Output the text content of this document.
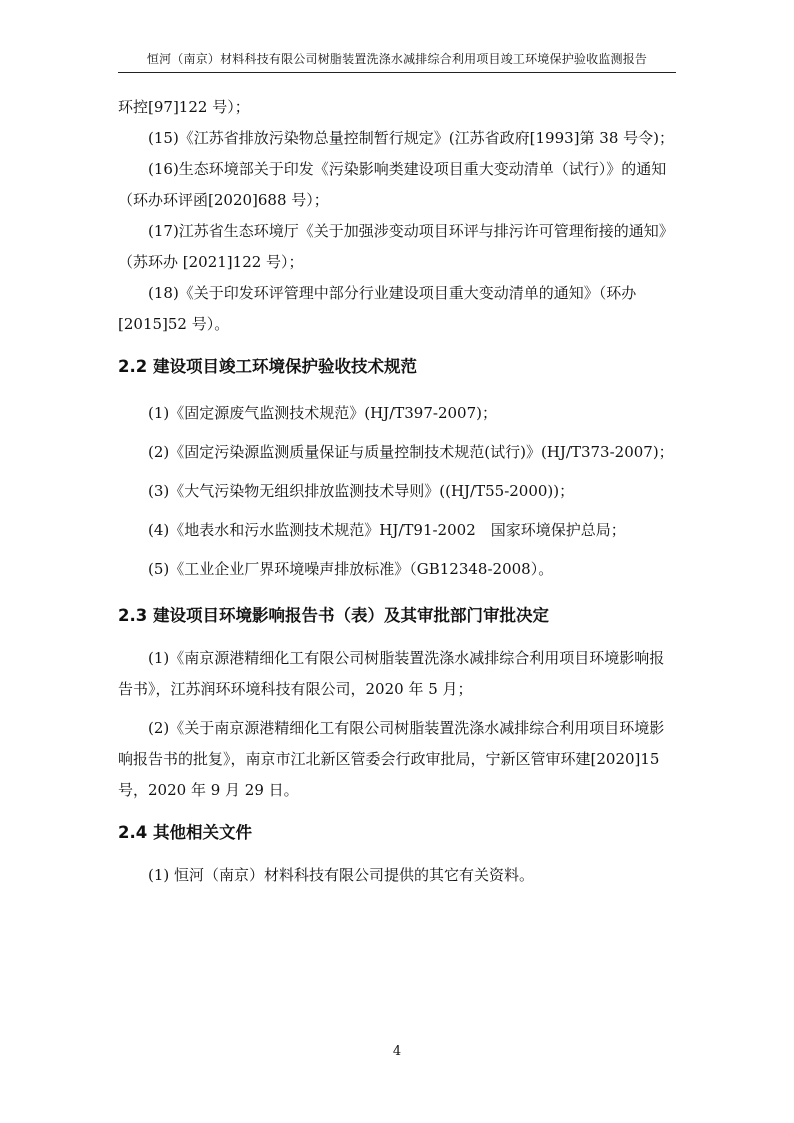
恒河（南京）材料科技有限公司树脂装置洗涤水减排综合利用项目竣工环境保护验收监测报告

环控[97]122 号）；

(15)《江苏省排放污染物总量控制暂行规定》(江苏省政府[1993]第 38 号令)；

(16)生态环境部关于印发《污染影响类建设项目重大变动清单（试行）》的通知（环办环评函[2020]688 号）；

(17)江苏省生态环境厅《关于加强涉变动项目环评与排污许可管理衔接的通知》 （苏环办 [2021]122 号）；

(18)《关于印发环评管理中部分行业建设项目重大变动清单的通知》（环办[2015]52 号）。

2.2 建设项目竣工环境保护验收技术规范

(1)《固定源废气监测技术规范》(HJ/T397-2007)；

(2)《固定污染源监测质量保证与质量控制技术规范(试行)》(HJ/T373-2007)；

(3)《大气污染物无组织排放监测技术导则》((HJ/T55-2000))；

(4)《地表水和污水监测技术规范》HJ/T91-2002　国家环境保护总局；

(5)《工业企业厂界环境噪声排放标准》（GB12348-2008）。

2.3 建设项目环境影响报告书（表）及其审批部门审批决定

(1)《南京源港精细化工有限公司树脂装置洗涤水减排综合利用项目环境影响报告书》，江苏润环环境科技有限公司，2020 年 5 月；

(2)《关于南京源港精细化工有限公司树脂装置洗涤水减排综合利用项目环境影响报告书的批复》，南京市江北新区管委会行政审批局，宁新区管审环建[2020]15 号，2020 年 9 月 29 日。

2.4 其他相关文件

(1) 恒河（南京）材料科技有限公司提供的其它有关资料。

4
